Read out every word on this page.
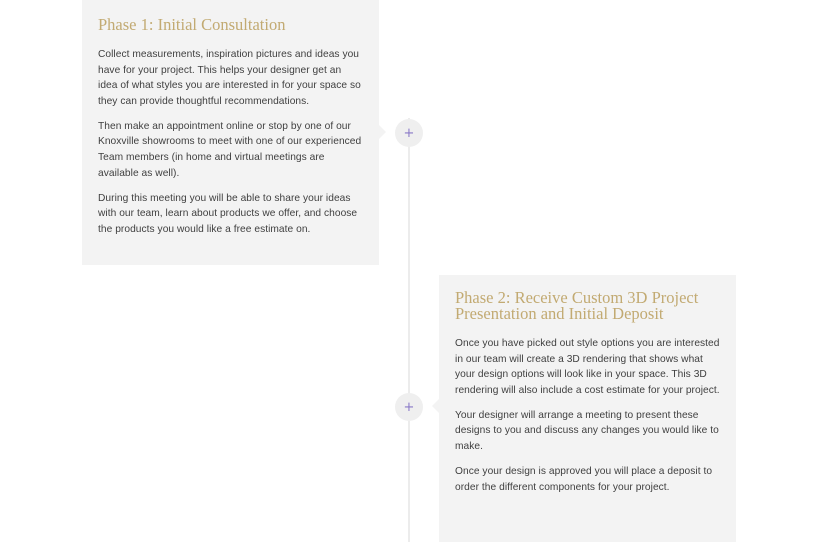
+
+
Phase 1: Initial Consultation

Collect measurements, inspiration pictures and ideas you have for your project. This helps your designer get an idea of what styles you are interested in for your space so they can provide thoughtful recommendations.

Then make an appointment online or stop by one of our Knoxville showrooms to meet with one of our experienced Team members (in home and virtual meetings are available as well).

During this meeting you will be able to share your ideas with our team, learn about products we offer, and choose the products you would like a free estimate on.

Phase 2: Receive Custom 3D Project Presentation and Initial Deposit

Once you have picked out style options you are interested in our team will create a 3D rendering that shows what your design options will look like in your space. This 3D rendering will also include a cost estimate for your project.

Your designer will arrange a meeting to present these designs to you and discuss any changes you would like to make.

Once your design is approved you will place a deposit to order the different components for your project.
